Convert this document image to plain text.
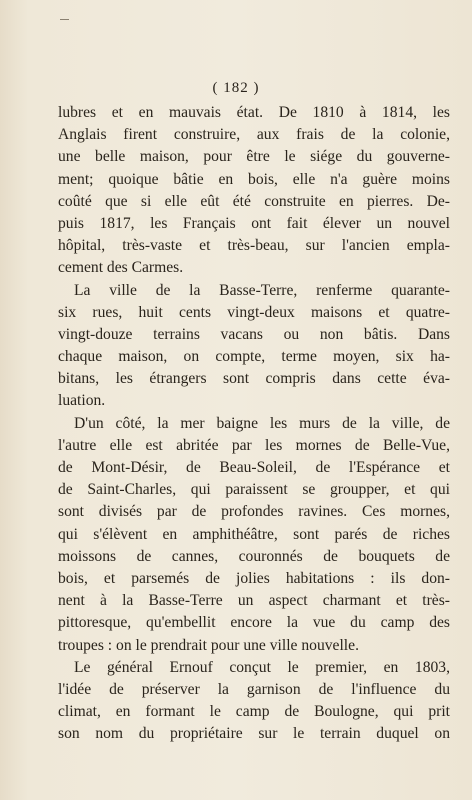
( 182 )
lubres et en mauvais état. De 1810 à 1814, les
Anglais firent construire, aux frais de la colonie,
une belle maison, pour être le siége du gouverne-
ment; quoique bâtie en bois, elle n'a guère moins
coûté que si elle eût été construite en pierres. De-
puis 1817, les Français ont fait élever un nouvel
hôpital, très-vaste et très-beau, sur l'ancien empla-
cement des Carmes.
La ville de la Basse-Terre, renferme quarante-
six rues, huit cents vingt-deux maisons et quatre-
vingt-douze terrains vacans ou non bâtis. Dans
chaque maison, on compte, terme moyen, six ha-
bitans, les étrangers sont compris dans cette éva-
luation.
D'un côté, la mer baigne les murs de la ville, de
l'autre elle est abritée par les mornes de Belle-Vue,
de Mont-Désir, de Beau-Soleil, de l'Espérance et
de Saint-Charles, qui paraissent se groupper, et qui
sont divisés par de profondes ravines. Ces mornes,
qui s'élèvent en amphithéâtre, sont parés de riches
moissons de cannes, couronnés de bouquets de
bois, et parsemés de jolies habitations : ils don-
nent à la Basse-Terre un aspect charmant et très-
pittoresque, qu'embellit encore la vue du camp des
troupes : on le prendrait pour une ville nouvelle.
Le général Ernouf conçut le premier, en 1803,
l'idée de préserver la garnison de l'influence du
climat, en formant le camp de Boulogne, qui prit
son nom du propriétaire sur le terrain duquel on
